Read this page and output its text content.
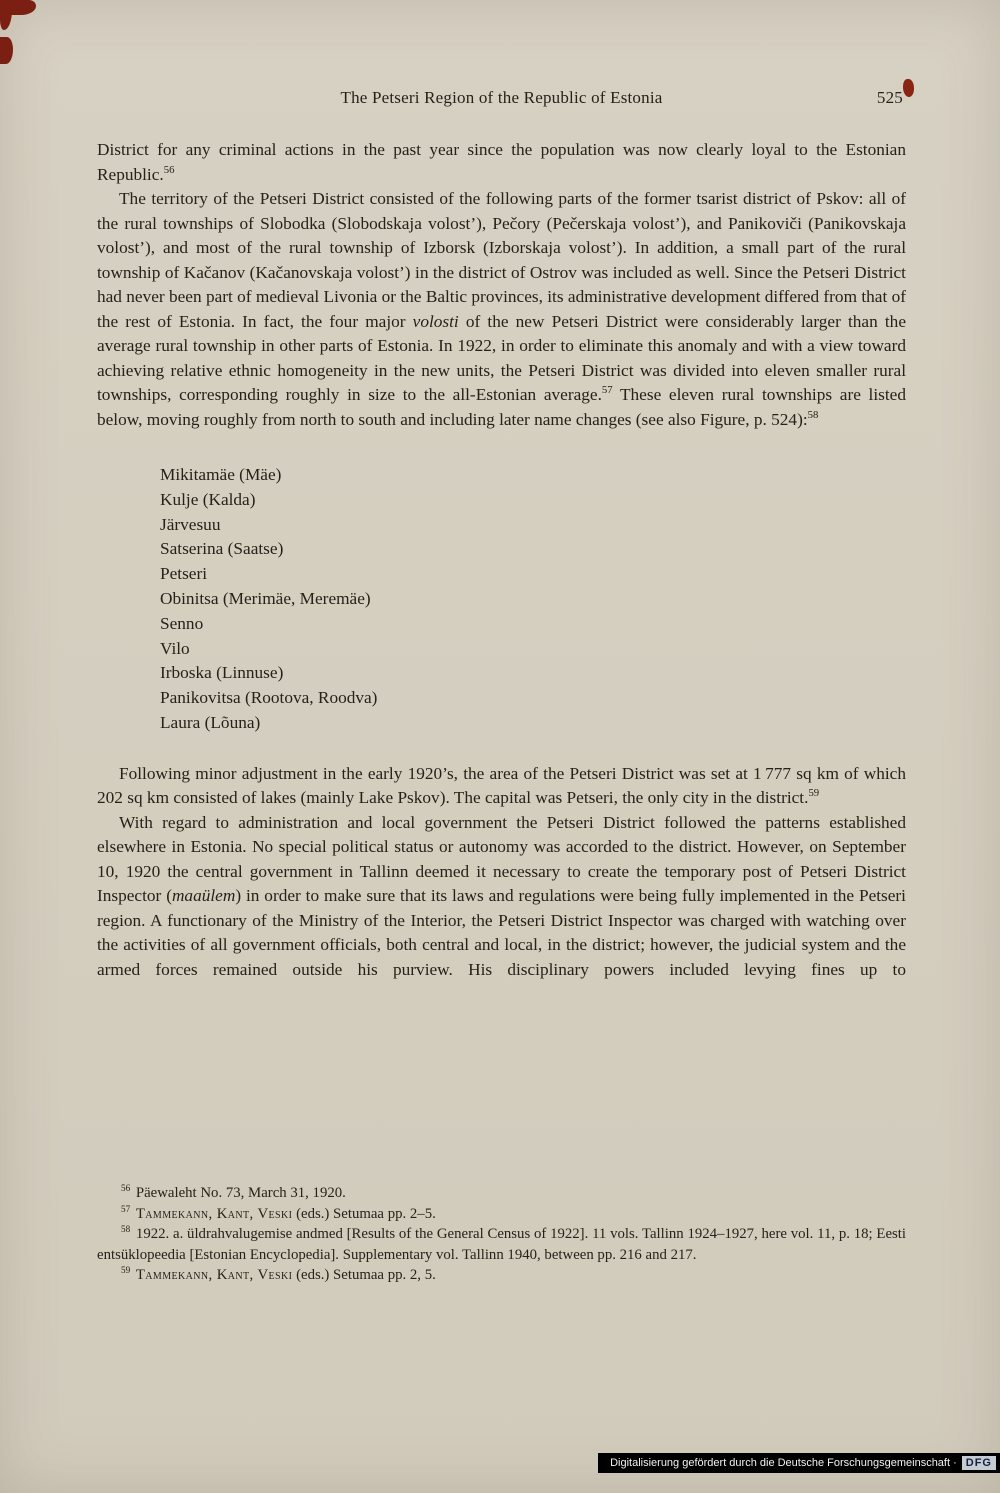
The Petseri Region of the Republic of Estonia	525

District for any criminal actions in the past year since the population was now clearly loyal to the Estonian Republic.$^{56}$

The territory of the Petseri District consisted of the following parts of the former tsarist district of Pskov: all of the rural townships of Slobodka (Slobodskaja volost’), Pečory (Pečerskaja volost’), and Panikoviči (Panikovskaja volost’), and most of the rural township of Izborsk (Izborskaja volost’). In addition, a small part of the rural township of Kačanov (Kačanovskaja volost’) in the district of Ostrov was included as well. Since the Petseri District had never been part of medieval Livonia or the Baltic provinces, its administrative development differed from that of the rest of Estonia. In fact, the four major volosti of the new Petseri District were considerably larger than the average rural township in other parts of Estonia. In 1922, in order to eliminate this anomaly and with a view toward achieving relative ethnic homogeneity in the new units, the Petseri District was divided into eleven smaller rural townships, corresponding roughly in size to the all-Estonian average.$^{57}$ These eleven rural townships are listed below, moving roughly from north to south and including later name changes (see also Figure, p. 524):$^{58}$

Mikitamäe (Mäe)
Kulje (Kalda)
Järvesuu
Satserina (Saatse)
Petseri
Obinitsa (Merimäe, Meremäe)
Senno
Vilo
Irboska (Linnuse)
Panikovitsa (Rootova, Roodva)
Laura (Lõuna)

Following minor adjustment in the early 1920’s, the area of the Petseri District was set at 1 777 sq km of which 202 sq km consisted of lakes (mainly Lake Pskov). The capital was Petseri, the only city in the district.$^{59}$

With regard to administration and local government the Petseri District followed the patterns established elsewhere in Estonia. No special political status or autonomy was accorded to the district. However, on September 10, 1920 the central government in Tallinn deemed it necessary to create the temporary post of Petseri District Inspector (maaülem) in order to make sure that its laws and regulations were being fully implemented in the Petseri region. A functionary of the Ministry of the Interior, the Petseri District Inspector was charged with watching over the activities of all government officials, both central and local, in the district; however, the judicial system and the armed forces remained outside his purview. His disciplinary powers included levying fines up to

$^{56}$ Päewaleht No. 73, March 31, 1920.

$^{57}$ Tammekann, Kant, Veski (eds.) Setumaa pp. 2–5.

$^{58}$ 1922. a. üldrahvalugemise andmed [Results of the General Census of 1922]. 11 vols. Tallinn 1924–1927, here vol. 11, p. 18; Eesti entsüklopeedia [Estonian Encyclopedia]. Supplementary vol. Tallinn 1940, between pp. 216 and 217.

$^{59}$ Tammekann, Kant, Veski (eds.) Setumaa pp. 2, 5.

Digitalisierung gefördert durch die Deutsche Forschungsgemeinschaft · DFG
